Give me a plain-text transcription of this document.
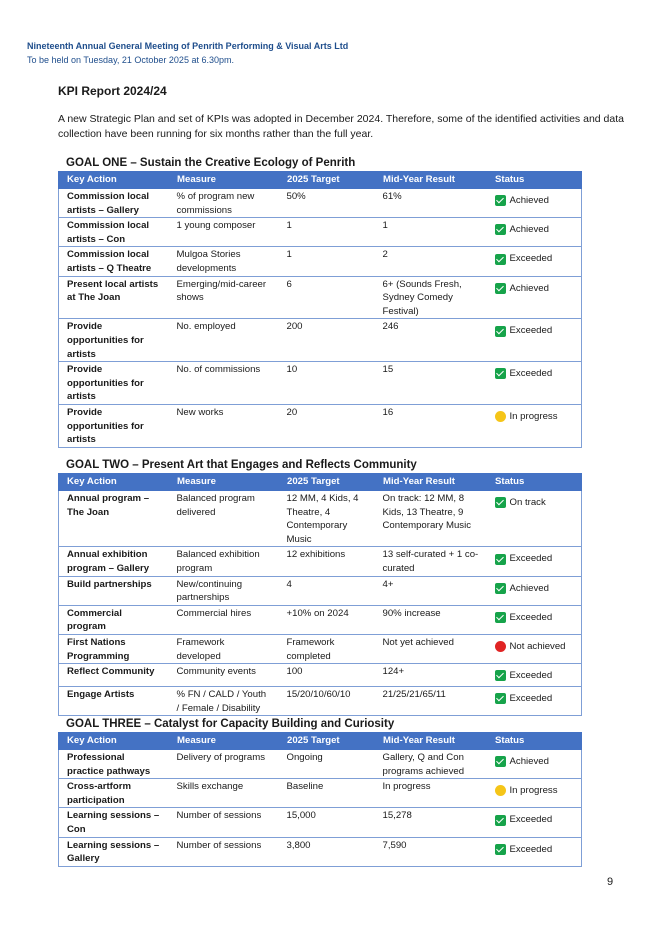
Nineteenth Annual General Meeting of Penrith Performing & Visual Arts Ltd
To be held on Tuesday, 21 October 2025 at 6.30pm.
KPI Report 2024/24
A new Strategic Plan and set of KPIs was adopted in December 2024. Therefore, some of the identified activities and data collection have been running for six months rather than the full year.
GOAL ONE – Sustain the Creative Ecology of Penrith
Key Action	Measure	2025 Target	Mid-Year Result	Status
Commission local artists – Gallery	% of program new commissions	50%	61%	Achieved

Commission local artists – Con	1 young composer	1	1	Achieved

Commission local artists – Q Theatre	Mulgoa Stories developments	1	2	Exceeded

Present local artists at The Joan	Emerging/mid-career shows	6	6+ (Sounds Fresh, Sydney Comedy Festival)	Achieved

Provide opportunities for artists	No. employed	200	246	Exceeded

Provide opportunities for artists	No. of commissions	10	15	Exceeded

Provide opportunities for artists	New works	20	16	In progress
GOAL TWO – Present Art that Engages and Reflects Community
Key Action	Measure	2025 Target	Mid-Year Result	Status
Annual program – The Joan	Balanced program delivered	12 MM, 4 Kids, 4 Theatre, 4 Contemporary Music	On track: 12 MM, 8 Kids, 13 Theatre, 9 Contemporary Music	On track

Annual exhibition program – Gallery	Balanced exhibition program	12 exhibitions	13 self-curated + 1 co-curated	Exceeded

Build partnerships	New/continuing partnerships	4	4+	Achieved

Commercial program	Commercial hires	+10% on 2024	90% increase	Exceeded

First Nations Programming	Framework developed	Framework completed	Not yet achieved	Not achieved

Reflect Community	Community events	100	124+	Exceeded

Engage Artists	% FN / CALD / Youth / Female / Disability	15/20/10/60/10	21/25/21/65/11	Exceeded
GOAL THREE – Catalyst for Capacity Building and Curiosity
Key Action	Measure	2025 Target	Mid-Year Result	Status
Professional practice pathways	Delivery of programs	Ongoing	Gallery, Q and Con programs achieved	Achieved

Cross-artform participation	Skills exchange	Baseline	In progress	In progress

Learning sessions – Con	Number of sessions	15,000	15,278	Exceeded

Learning sessions – Gallery	Number of sessions	3,800	7,590	Exceeded
9
